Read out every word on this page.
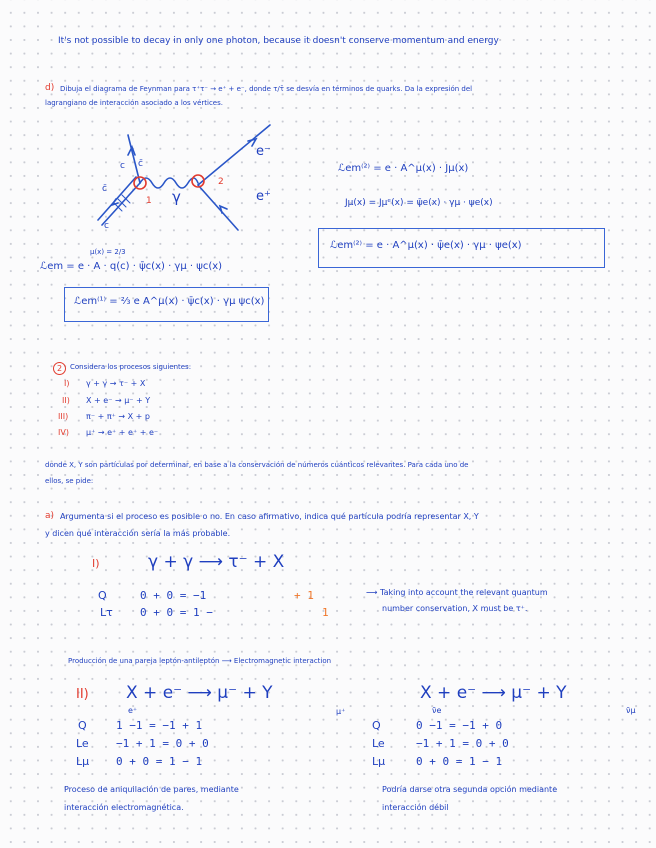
It's not possible to decay in only one photon, because it doesn't conserve momentum and energy
d) Dibuja el diagrama de Feynman para τ⁺τ⁻ → e⁺ + e⁻, donde τ/τ̄ se desvía en términos de quarks. Da la expresión del
lagrangiano de interacción asociado a los vértices.
c c̄
c̄
c
1
2
γ
e⁻
e⁺
μ(x) = 2/3
ℒem = e · A · q(c) · ψ̄c(x) · γμ · ψc(x)
ℒem⁽¹⁾ = ⅔ e A^μ(x) · ψ̄c(x) · γμ ψc(x)
ℒem⁽²⁾ = e · A^μ(x) · Jμ(x)
Jμ(x) = Jμᵉ(x) = ψ̄e(x) · γμ · ψe(x)
ℒem⁽²⁾ = e · A^μ(x) · ψ̄e(x) · γμ · ψe(x)
2	Considera los procesos siguientes:
I) γ + γ → τ⁻ + X
II) X + e⁻ → μ⁻ + Y
III) π⁻ + π⁺ → X + p
IV) μ⁺ → e⁺ + e⁺ + e⁻
donde X, Y son partículas por determinar, en base a la conservación de números cuánticos relevantes. Para cada uno de
ellos, se pide:
a) Argumenta si el proceso es posible o no. En caso afirmativo, indica qué partícula podría representar X, Y
y dicen qué interacción sería la más probable.
I)	γ + γ ⟶ τ⁻ + X
Q	0 + 0 = −1	+ 1
Lτ 0 + 0 = 1 −	1
⟶ Taking into account the relevant quantum
number conservation, X must be τ⁺.
Producción de una pareja leptón-antileptón ⟶ Electromagnetic interaction
II) X + e⁻ ⟶ μ⁻ + Y
e⁺	μ⁺
Q	1 −1 = −1 + 1
Le −1 + 1 = 0 + 0
Lμ 0 + 0 = 1 − 1
X + e⁻ ⟶ μ⁻ + Y
ν̄e	ν̄μ
Q	0 −1 = −1 + 0
Le	−1 + 1 = 0 + 0
Lμ	0 + 0 = 1 − 1
Proceso de aniquilación de pares, mediante
interacción electromagnética.
Podría darse otra segunda opción mediante
interacción débil
